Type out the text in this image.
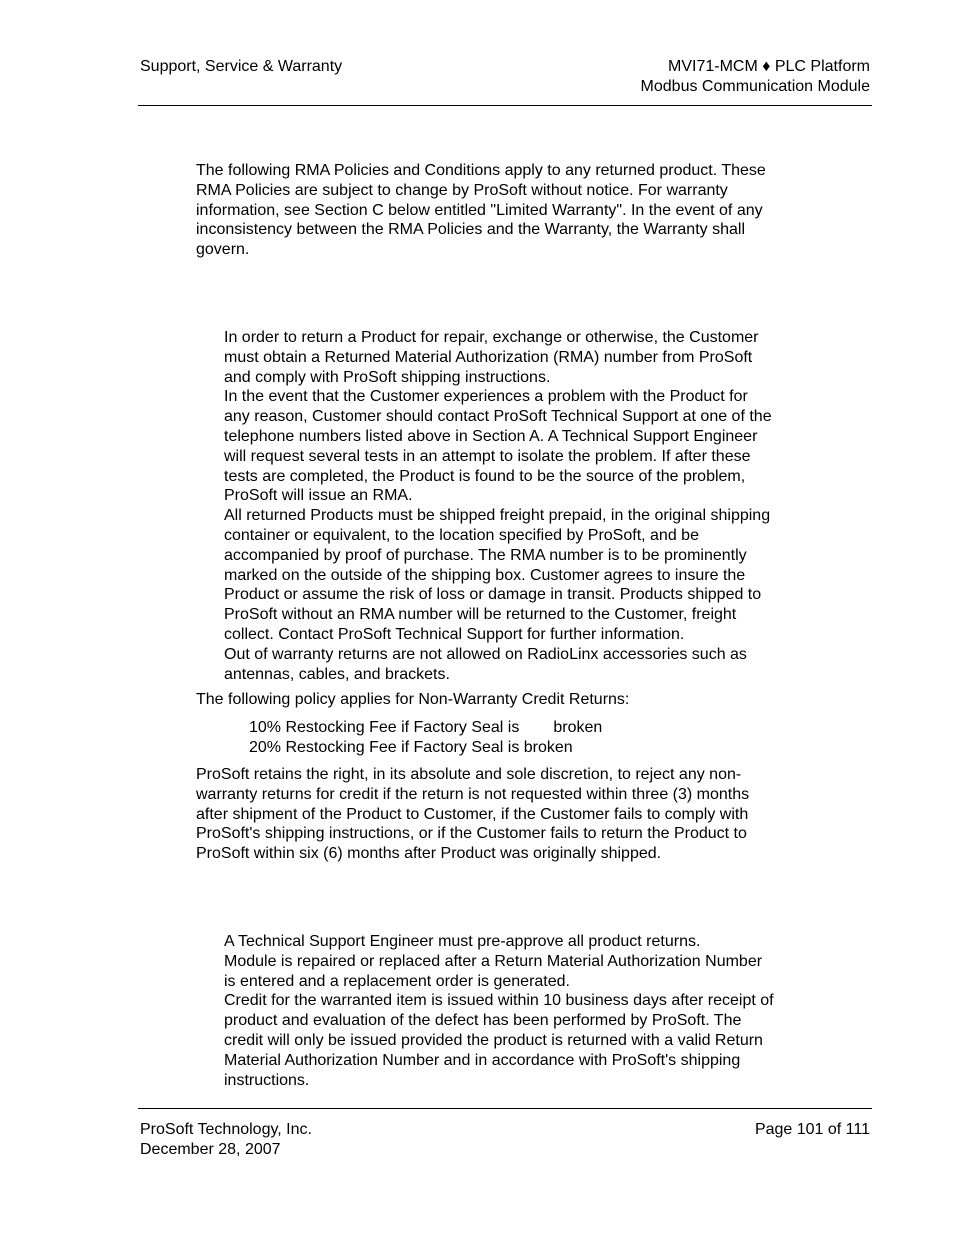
Support, Service & Warranty	MVI71-MCM ♦ PLC Platform
Modbus Communication Module
The following RMA Policies and Conditions apply to any returned product. These
RMA Policies are subject to change by ProSoft without notice. For warranty
information, see Section C below entitled "Limited Warranty". In the event of any
inconsistency between the RMA Policies and the Warranty, the Warranty shall
govern.
In order to return a Product for repair, exchange or otherwise, the Customer
must obtain a Returned Material Authorization (RMA) number from ProSoft
and comply with ProSoft shipping instructions.
In the event that the Customer experiences a problem with the Product for
any reason, Customer should contact ProSoft Technical Support at one of the
telephone numbers listed above in Section A. A Technical Support Engineer
will request several tests in an attempt to isolate the problem. If after these
tests are completed, the Product is found to be the source of the problem,
ProSoft will issue an RMA.
All returned Products must be shipped freight prepaid, in the original shipping
container or equivalent, to the location specified by ProSoft, and be
accompanied by proof of purchase. The RMA number is to be prominently
marked on the outside of the shipping box. Customer agrees to insure the
Product or assume the risk of loss or damage in transit. Products shipped to
ProSoft without an RMA number will be returned to the Customer, freight
collect. Contact ProSoft Technical Support for further information.
Out of warranty returns are not allowed on RadioLinx accessories such as
antennas, cables, and brackets.
The following policy applies for Non-Warranty Credit Returns:
10% Restocking Fee if Factory Seal is broken
20% Restocking Fee if Factory Seal is broken
ProSoft retains the right, in its absolute and sole discretion, to reject any non-
warranty returns for credit if the return is not requested within three (3) months
after shipment of the Product to Customer, if the Customer fails to comply with
ProSoft's shipping instructions, or if the Customer fails to return the Product to
ProSoft within six (6) months after Product was originally shipped.
A Technical Support Engineer must pre-approve all product returns.
Module is repaired or replaced after a Return Material Authorization Number
is entered and a replacement order is generated.
Credit for the warranted item is issued within 10 business days after receipt of
product and evaluation of the defect has been performed by ProSoft. The
credit will only be issued provided the product is returned with a valid Return
Material Authorization Number and in accordance with ProSoft's shipping
instructions.
ProSoft Technology, Inc.
December 28, 2007
Page 101 of 111
